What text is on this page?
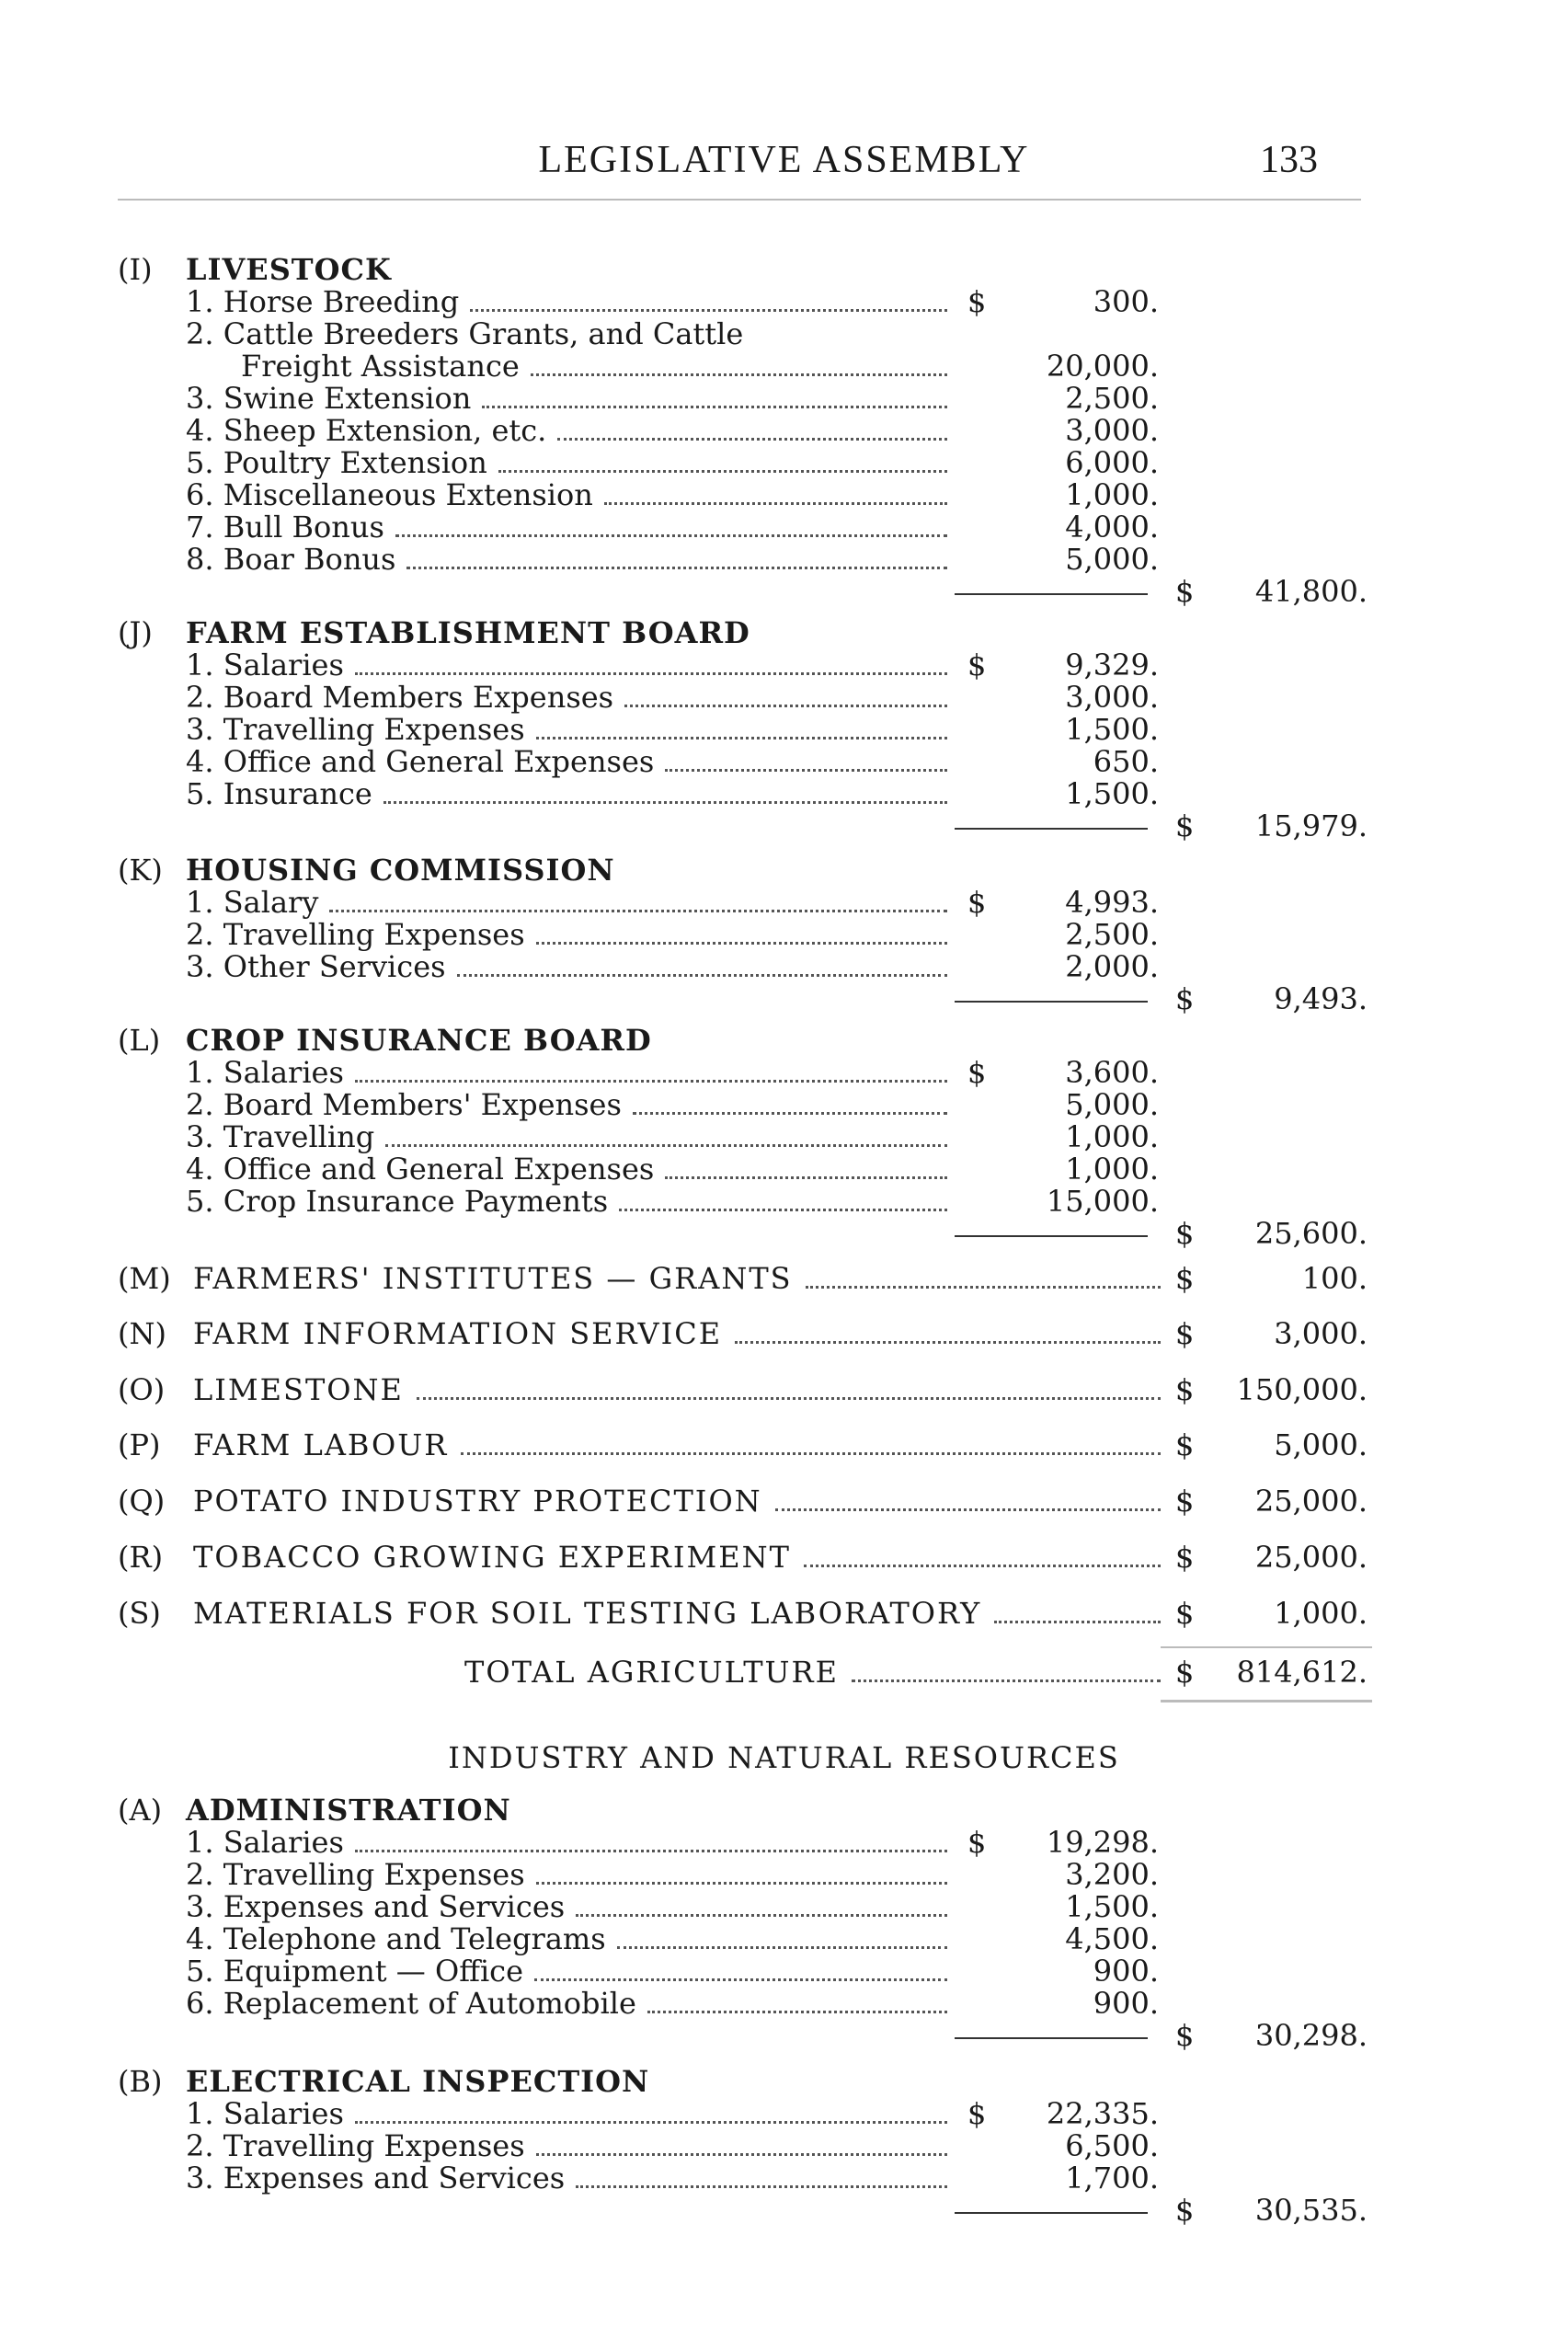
LEGISLATIVE ASSEMBLY	133
(I) LIVESTOCK
1. Horse Breeding	$	300.
2. Cattle Breeders Grants, and Cattle
Freight Assistance	20,000.
3. Swine Extension	2,500.
4. Sheep Extension, etc.	3,000.
5. Poultry Extension	6,000.
6. Miscellaneous Extension	1,000.
7. Bull Bonus	4,000.
8. Boar Bonus	5,000.
$ 41,800.
(J) FARM ESTABLISHMENT BOARD
1. Salaries	$	9,329.
2. Board Members Expenses	3,000.
3. Travelling Expenses	1,500.
4. Office and General Expenses	650.
5. Insurance	1,500.
$ 15,979.
(K) HOUSING COMMISSION
1. Salary	$	4,993.
2. Travelling Expenses	2,500.
3. Other Services	2,000.
$	9,493.
(L) CROP INSURANCE BOARD
1. Salaries	$	3,600.
2. Board Members' Expenses	5,000.
3. Travelling	1,000.
4. Office and General Expenses	1,000.
5. Crop Insurance Payments	15,000.
$ 25,600.
(M) FARMERS' INSTITUTES — GRANTS	$	100.
(N) FARM INFORMATION SERVICE	$	3,000.
(O) LIMESTONE	$ 150,000.
(P) FARM LABOUR	$	5,000.
(Q) POTATO INDUSTRY PROTECTION	$ 25,000.
(R) TOBACCO GROWING EXPERIMENT	$ 25,000.
(S) MATERIALS FOR SOIL TESTING LABORATORY	$	1,000.
TOTAL AGRICULTURE	$ 814,612.
INDUSTRY AND NATURAL RESOURCES
(A) ADMINISTRATION
1. Salaries	$ 19,298.
2. Travelling Expenses	3,200.
3. Expenses and Services	1,500.
4. Telephone and Telegrams	4,500.
5. Equipment — Office	900.
6. Replacement of Automobile	900.
$ 30,298.
(B) ELECTRICAL INSPECTION
1. Salaries	$ 22,335.
2. Travelling Expenses	6,500.
3. Expenses and Services	1,700.
$ 30,535.
